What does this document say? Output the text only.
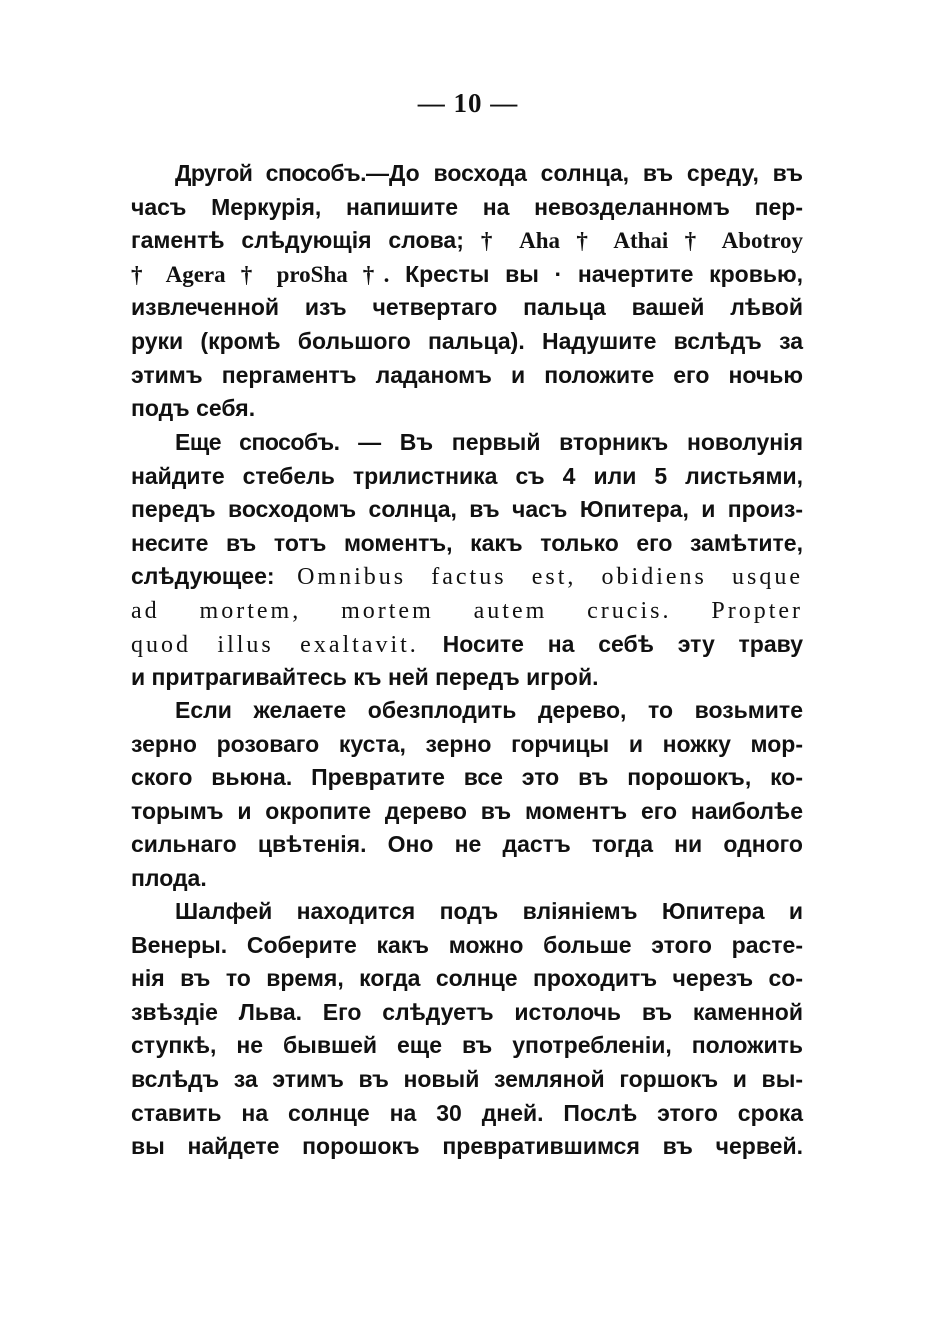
— 10 —
Другой способъ.—До восхода солнца, въ среду, въ
часъ Меркурія, напишите на невозделанномъ пер-
гаментѣ слѣдующія слова; † Aha † Athai † Abotroy
† Agera † proSha †. Кресты вы · начертите кровью,
извлеченной изъ четвертаго пальца вашей лѣвой
руки (кромѣ большого пальца). Надушите вслѣдъ за
этимъ пергаментъ ладаномъ и положите его ночью
подъ себя.
Еще способъ. — Въ первый вторникъ новолунія
найдите стебель трилистника съ 4 или 5 листьями,
передъ восходомъ солнца, въ часъ Юпитера, и произ-
несите въ тотъ моментъ, какъ только его замѣтите,
слѣдующее: Omnibus factus est, obidiens usque
ad mortem, mortem autem crucis. Propter
quod illus exaltavit. Носите на себѣ эту траву
и притрагивайтесь къ ней передъ игрой.
Если желаете обезплодить дерево, то возьмите
зерно розоваго куста, зерно горчицы и ножку мор-
ского вьюна. Превратите все это въ порошокъ, ко-
торымъ и окропите дерево въ моментъ его наиболѣе
сильнаго цвѣтенія. Оно не дастъ тогда ни одного
плода.
Шалфей находится подъ вліяніемъ Юпитера и
Венеры. Соберите какъ можно больше этого расте-
нія въ то время, когда солнце проходитъ черезъ со-
звѣздіе Льва. Его слѣдуетъ истолочь въ каменной
ступкѣ, не бывшей еще въ употребленіи, положить
вслѣдъ за этимъ въ новый земляной горшокъ и вы-
ставить на солнце на 30 дней. Послѣ этого срока
вы найдете порошокъ превратившимся въ червей.
